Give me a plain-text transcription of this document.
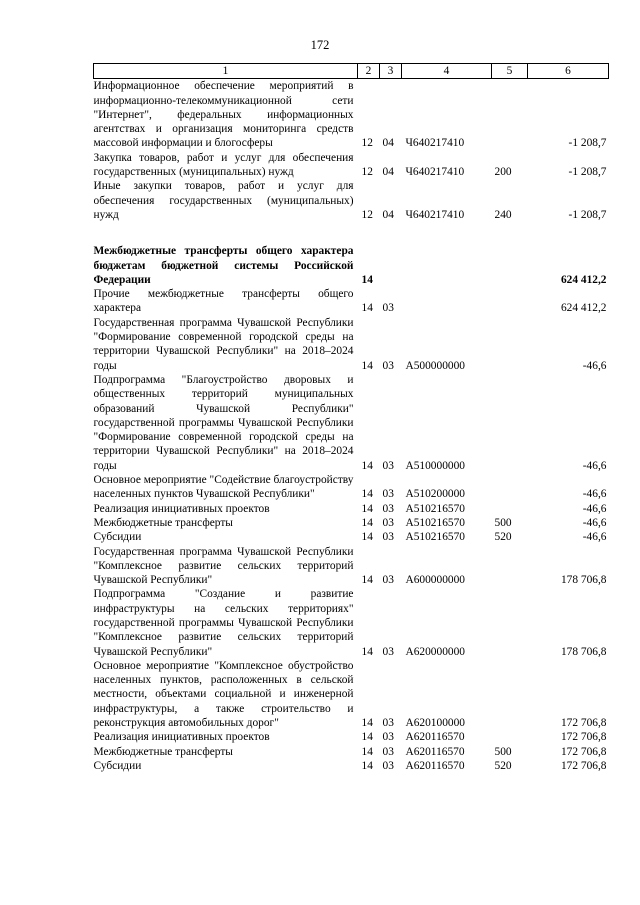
172
1	2	3	4	5	6
Информационное обеспечение мероприятий в информационно-телекоммуникационной сети "Интернет", федеральных информационных агентствах и организация мониторинга средств массовой информации и блогосферы	12	04	Ч640217410		-1 208,7
Закупка товаров, работ и услуг для обеспечения государственных (муниципальных) нужд	12	04	Ч640217410	200	-1 208,7
Иные закупки товаров, работ и услуг для обеспечения государственных (муниципальных) нужд	12	04	Ч640217410	240	-1 208,7

Межбюджетные трансферты общего характера бюджетам бюджетной системы Российской Федерации	14				624 412,2
Прочие межбюджетные трансферты общего характера	14	03			624 412,2
Государственная программа Чувашской Республики "Формирование современной городской среды на территории Чувашской Республики" на 2018–2024 годы	14	03	А500000000		-46,6
Подпрограмма "Благоустройство дворовых и общественных территорий муниципальных образований Чувашской Республики" государственной программы Чувашской Республики "Формирование современной городской среды на территории Чувашской Республики" на 2018–2024 годы	14	03	А510000000		-46,6
Основное мероприятие "Содействие благоустройству населенных пунктов Чувашской Республики"	14	03	А510200000		-46,6
Реализация инициативных проектов	14	03	А510216570		-46,6
Межбюджетные трансферты	14	03	А510216570	500	-46,6
Субсидии	14	03	А510216570	520	-46,6
Государственная программа Чувашской Республики "Комплексное развитие сельских территорий Чувашской Республики"	14	03	А600000000		178 706,8
Подпрограмма "Создание и развитие инфраструктуры на сельских территориях" государственной программы Чувашской Республики "Комплексное развитие сельских территорий Чувашской Республики"	14	03	А620000000		178 706,8
Основное мероприятие "Комплексное обустройство населенных пунктов, расположенных в сельской местности, объектами социальной и инженерной инфраструктуры, а также строительство и реконструкция автомобильных дорог"	14	03	А620100000		172 706,8
Реализация инициативных проектов	14	03	А620116570		172 706,8
Межбюджетные трансферты	14	03	А620116570	500	172 706,8
Субсидии	14	03	А620116570	520	172 706,8
